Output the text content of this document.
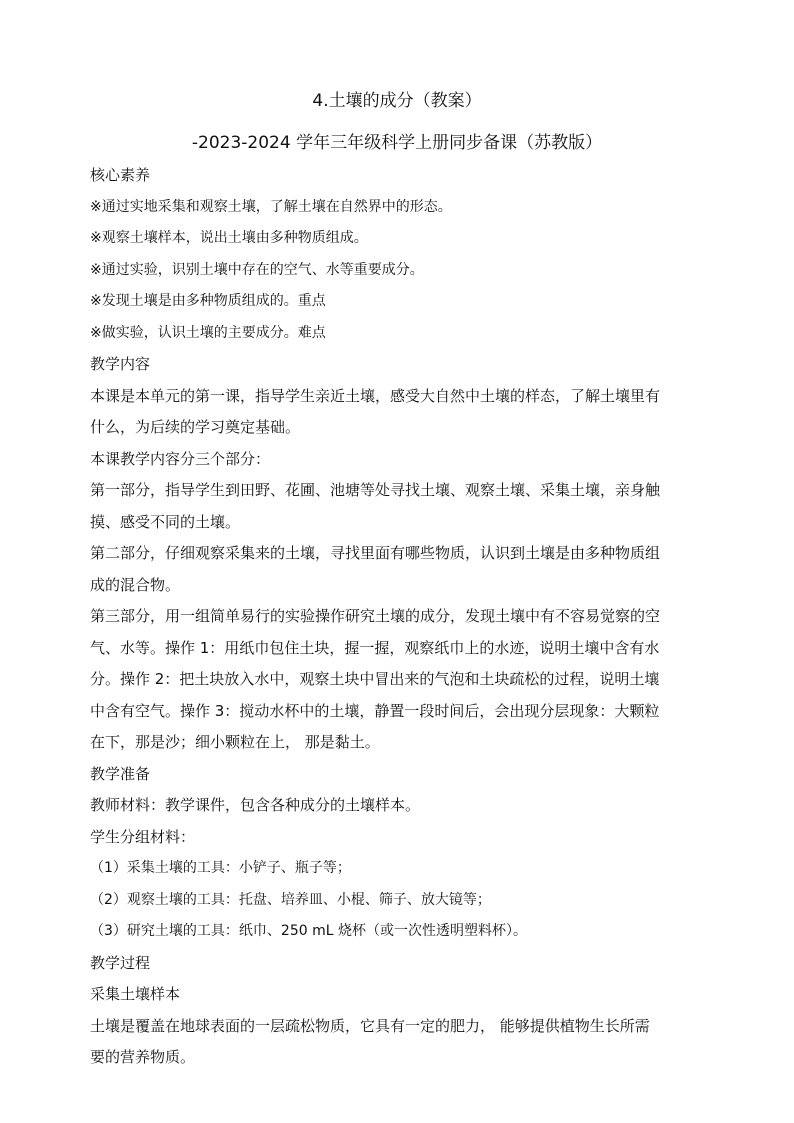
4.土壤的成分（教案）
-2023-2024 学年三年级科学上册同步备课（苏教版）
核心素养
※通过实地采集和观察土壤，了解土壤在自然界中的形态。
※观察土壤样本，说出土壤由多种物质组成。
※通过实验，识别土壤中存在的空气、水等重要成分。
※发现土壤是由多种物质组成的。重点
※做实验，认识土壤的主要成分。难点
教学内容
本课是本单元的第一课，指导学生亲近土壤，感受大自然中土壤的样态，了解土壤里有
什么，为后续的学习奠定基础。
本课教学内容分三个部分：
第一部分，指导学生到田野、花圃、池塘等处寻找土壤、观察土壤、采集土壤，亲身触
摸、感受不同的土壤。
第二部分，仔细观察采集来的土壤，寻找里面有哪些物质，认识到土壤是由多种物质组
成的混合物。
第三部分，用一组简单易行的实验操作研究土壤的成分，发现土壤中有不容易觉察的空
气、水等。操作 1：用纸巾包住土块，握一握，观察纸巾上的水迹，说明土壤中含有水
分。操作 2：把土块放入水中，观察土块中冒出来的气泡和土块疏松的过程，说明土壤
中含有空气。操作 3：搅动水杯中的土壤，静置一段时间后，会出现分层现象：大颗粒
在下，那是沙；细小颗粒在上， 那是黏土。
教学准备
教师材料：教学课件，包含各种成分的土壤样本。
学生分组材料：
（1）采集土壤的工具：小铲子、瓶子等；
（2）观察土壤的工具：托盘、培养皿、小棍、筛子、放大镜等；
（3）研究土壤的工具：纸巾、250 mL 烧杯（或一次性透明塑料杯）。
教学过程
采集土壤样本
土壤是覆盖在地球表面的一层疏松物质，它具有一定的肥力， 能够提供植物生长所需
要的营养物质。
